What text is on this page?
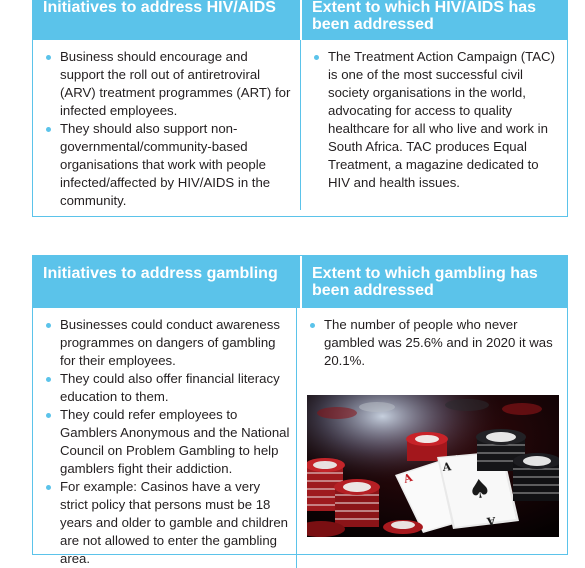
Initiatives to address HIV/AIDS	Extent to which HIV/AIDS has been addressed
Business should encourage and support the roll out of antiretroviral (ARV) treatment programmes (ART) for infected employees.
They should also support non-governmental/community-based organisations that work with people infected/affected by HIV/AIDS in the community.
The Treatment Action Campaign (TAC) is one of the most successful civil society organisations in the world, advocating for access to quality healthcare for all who live and work in South Africa. TAC produces Equal Treatment, a magazine dedicated to HIV and health issues.
Initiatives to address gambling	Extent to which gambling has been addressed
Businesses could conduct awareness programmes on dangers of gambling for their employees.
They could also offer financial literacy education to them.
They could refer employees to Gamblers Anonymous and the National Council on Problem Gambling to help gamblers fight their addiction.
For example: Casinos have a very strict policy that persons must be 18 years and older to gamble and children are not allowed to enter the gambling area.
The number of people who never gambled was 25.6% and in 2020 it was 20.1%.
A
A
♠
A
